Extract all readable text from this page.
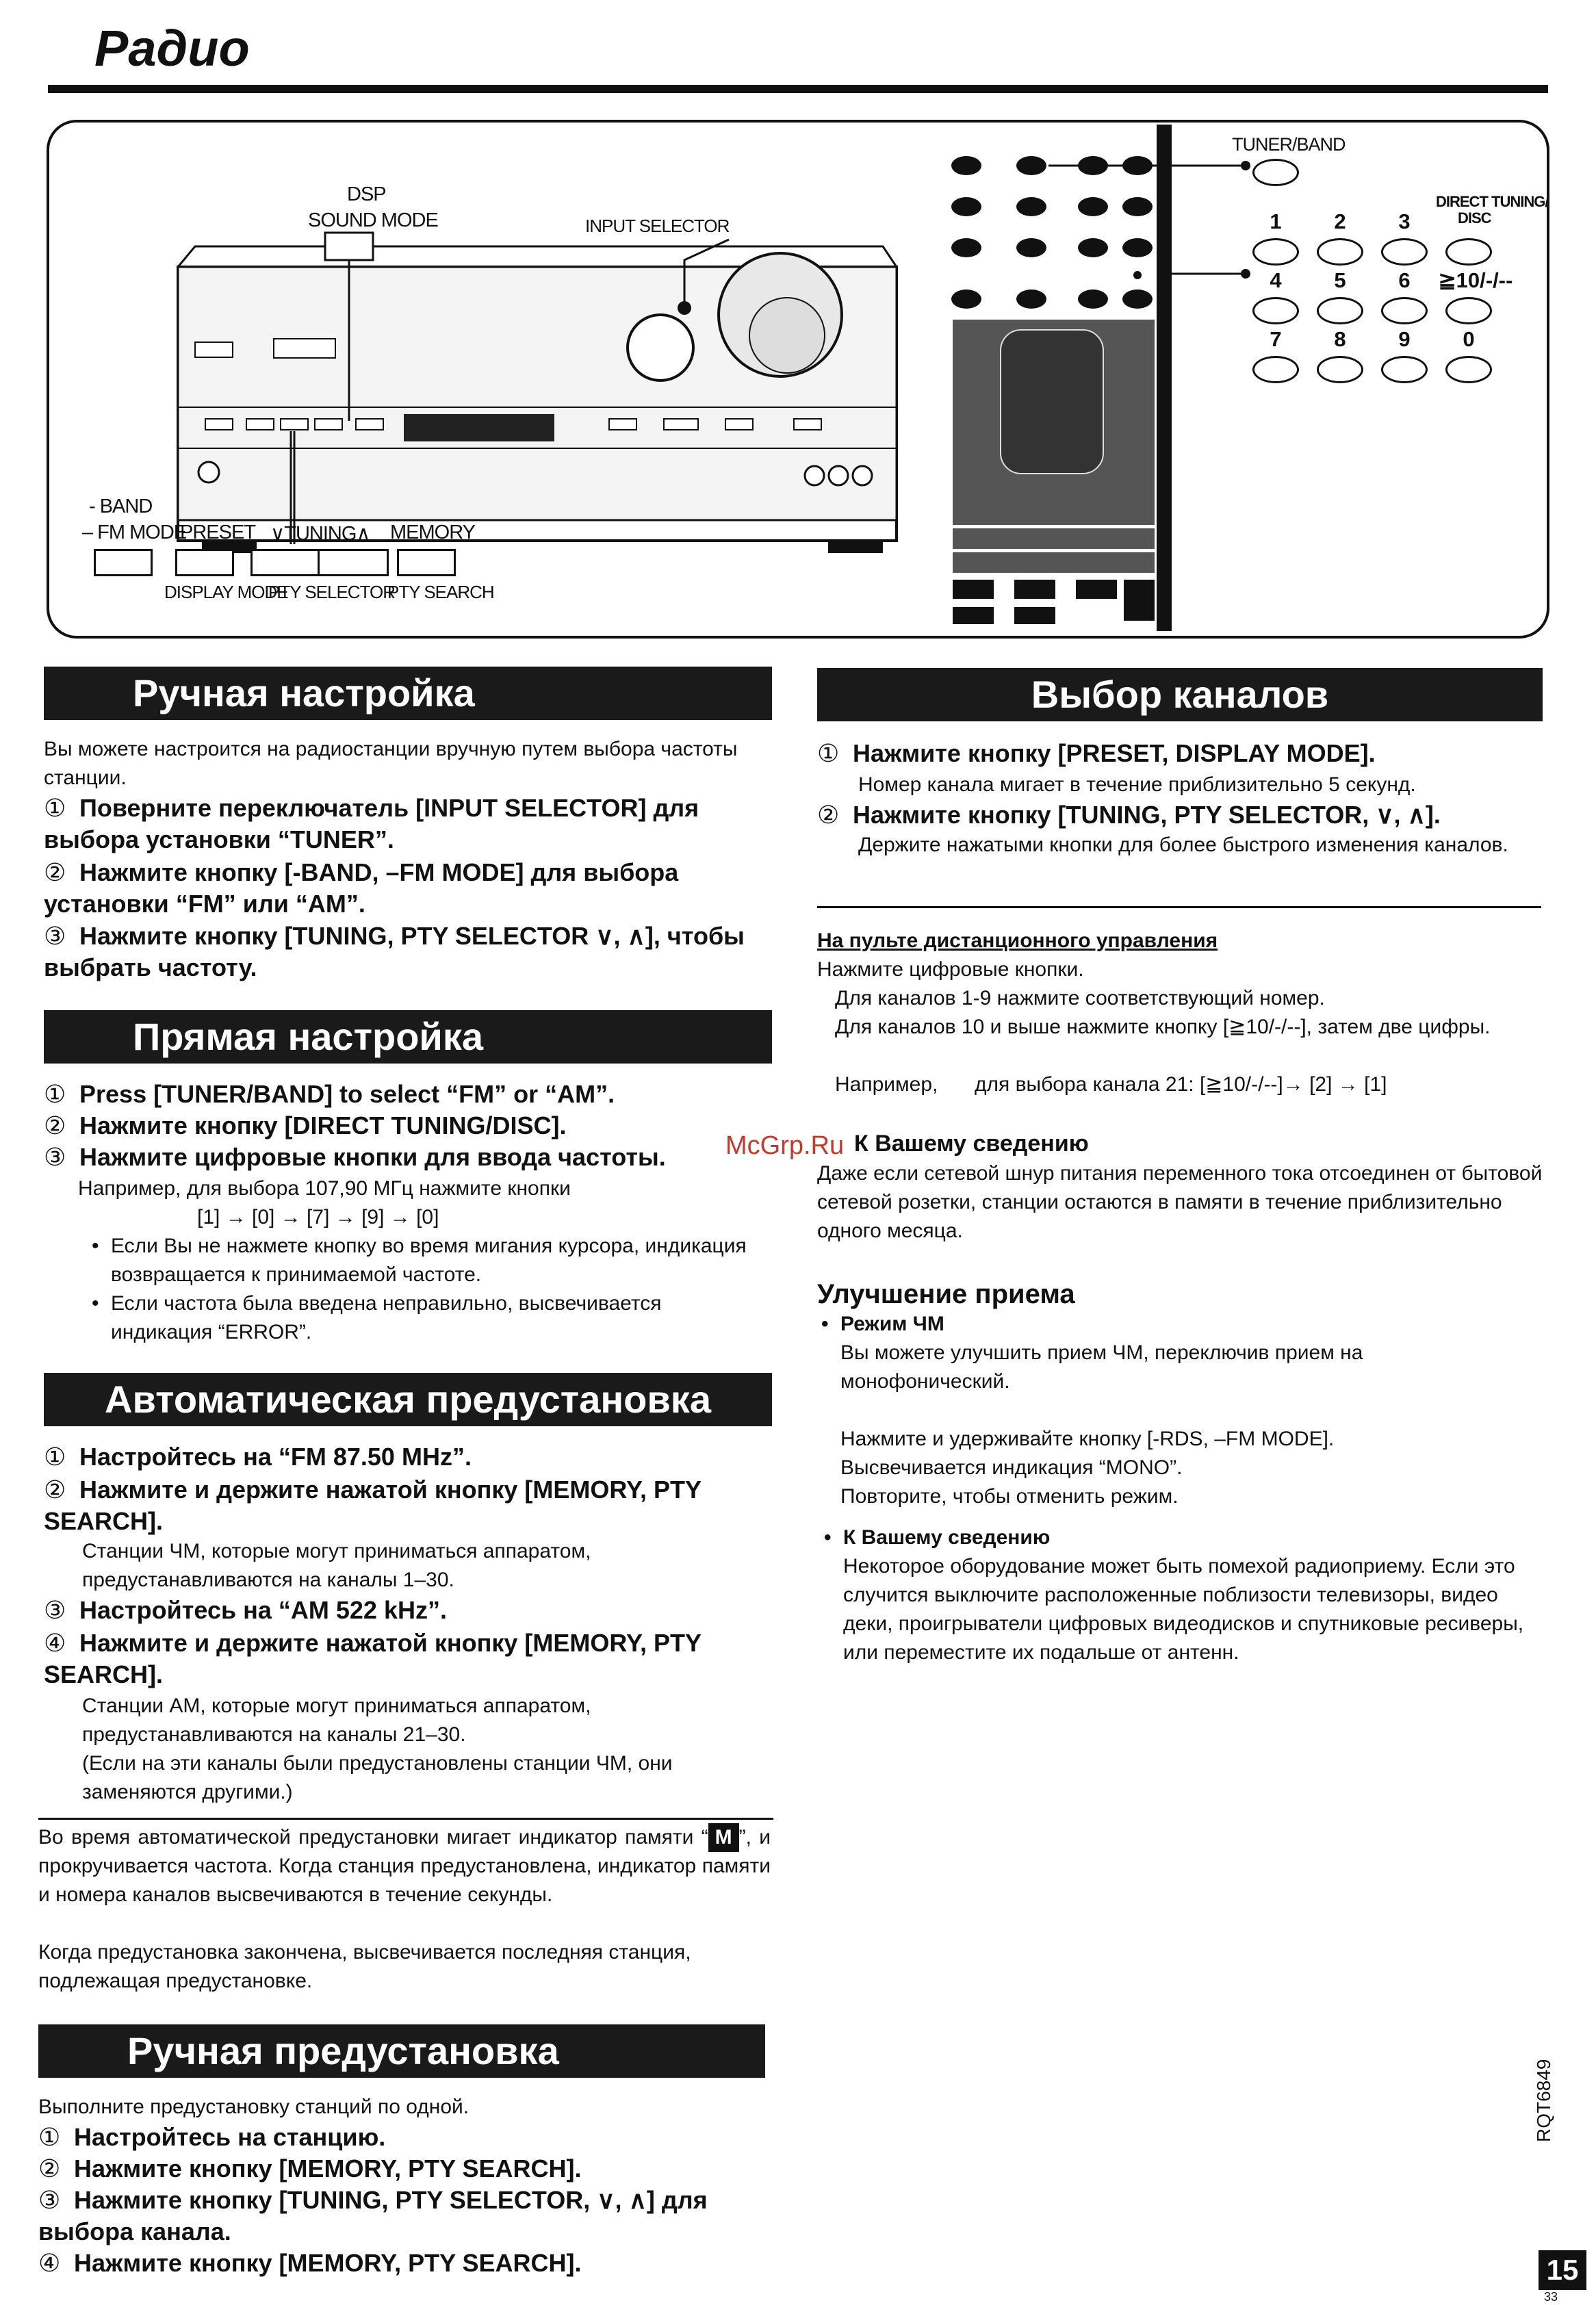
Радио
DSP
SOUND MODE	INPUT SELECTOR
- BAND
– FM MODE
PRESET ∨TUNING∧ MEMORY
DISPLAY MODE
PTY SELECTOR
PTY SEARCH
TUNER/BAND
DIRECT TUNING/
DISC
1	2	3
4	5	6	≧10/-/--
7	8	9	0
Ручная настройка
Вы можете настроится на радиостанции вручную путем выбора частоты станции.
① Поверните переключатель [INPUT SELECTOR] для выбора установки “TUNER”.
② Нажмите кнопку [-BAND, –FM MODE] для выбора установки “FM” или “AM”.
③ Нажмите кнопку [TUNING, PTY SELECTOR ∨, ∧], чтобы выбрать частоту.
Прямая настройка
① Press [TUNER/BAND] to select “FM” or “AM”.
② Нажмите кнопку [DIRECT TUNING/DISC].
③ Нажмите цифровые кнопки для ввода частоты.
Например, для выбора 107,90 МГц нажмите кнопки
[1] → [0] → [7] → [9] → [0]
• Если Вы не нажмете кнопку во время мигания курсора, индикация возвращается к принимаемой частоте.
• Если частота была введена неправильно, высвечивается индикация “ERROR”.
Автоматическая предустановка
① Настройтесь на “FM 87.50 MHz”.
② Нажмите и держите нажатой кнопку [MEMORY, PTY SEARCH].
Станции ЧМ, которые могут приниматься аппаратом, предустанавливаются на каналы 1–30.
③ Настройтесь на “AM 522 kHz”.
④ Нажмите и держите нажатой кнопку [MEMORY, PTY SEARCH].
Станции АМ, которые могут приниматься аппаратом, предустанавливаются на каналы 21–30.
(Если на эти каналы были предустановлены станции ЧМ, они заменяются другими.)
Во время автоматической предустановки мигает индикатор памяти “ M ”, и прокручивается частота. Когда станция предустановлена, индикатор памяти и номера каналов высвечиваются в течение секунды.
Когда предустановка закончена, высвечивается последняя станция, подлежащая предустановке.
Ручная предустановка
Выполните предустановку станций по одной.
① Настройтесь на станцию.
② Нажмите кнопку [MEMORY, PTY SEARCH].
③ Нажмите кнопку [TUNING, PTY SELECTOR, ∨, ∧] для выбора канала.
④ Нажмите кнопку [MEMORY, PTY SEARCH].
Выбор каналов
① Нажмите кнопку [PRESET, DISPLAY MODE].
Номер канала мигает в течение приблизительно 5 секунд.
② Нажмите кнопку [TUNING, PTY SELECTOR, ∨, ∧].
Держите нажатыми кнопки для более быстрого изменения каналов.
На пульте дистанционного управления
Нажмите цифровые кнопки.
Для каналов 1-9 нажмите соответствующий номер.
Для каналов 10 и выше нажмите кнопку [≧10/-/--], затем две цифры.
Например, для выбора канала 21: [≧10/-/--]→ [2] → [1]
К Вашему сведению
Даже если сетевой шнур питания переменного тока отсоединен от бытовой сетевой розетки, станции остаются в памяти в течение приблизительно одного месяца.
Улучшение приема
• Режим ЧМ
Вы можете улучшить прием ЧМ, переключив прием на монофонический.
Нажмите и удерживайте кнопку [-RDS, –FM MODE].
Высвечивается индикация “MONO”.
Повторите, чтобы отменить режим.
• К Вашему сведению
Некоторое оборудование может быть помехой радиоприему. Если это случится выключите расположенные поблизости телевизоры, видео деки, проигрыватели цифровых видеодисков и спутниковые ресиверы, или переместите их подальше от антенн.
McGrp.Ru
RQT6849
15
33
